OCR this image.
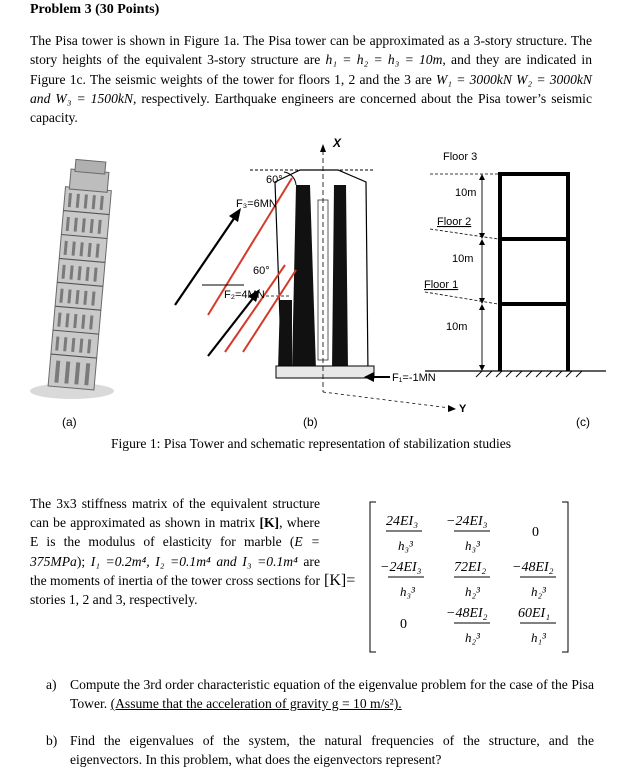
Problem 3 (30 Points)
The Pisa tower is shown in Figure 1a. The Pisa tower can be approximated as a 3-story structure. The story heights of the equivalent 3-story structure are h₁ = h₂ = h₃ = 10m, and they are indicated in Figure 1c. The seismic weights of the tower for floors 1, 2 and the 3 are W₁ = 3000kN W₂ = 3000kN and W₃ = 1500kN, respectively. Earthquake engineers are concerned about the Pisa tower’s seismic capacity.
60°
60°
F₃=6MN
F₂=4MN
F₁=-1MN
X
Y
Floor 3
Floor 2
Floor 1
10m
10m
10m
(a)	(b)	(c)
Figure 1: Pisa Tower and schematic representation of stabilization studies
The 3x3 stiffness matrix of the equivalent structure can be approximated as shown in matrix [K], where E is the modulus of elasticity for marble (E = 375MPa); I₁ =0.2m⁴, I₂ =0.1m⁴ and I₃ =0.1m⁴ are the moments of inertia of the tower cross sections for stories 1, 2 and 3, respectively.
[K]=
24EI₃
h₃³
−24EI₃
h₃³
0
−24EI₃
h₃³
72EI₂
h₂³
−48EI₂
h₂³
0
−48EI₂
h₂³
60EI₁
h₁³
a) Compute the 3rd order characteristic equation of the eigenvalue problem for the case of the Pisa Tower. (Assume that the acceleration of gravity g = 10 m/s²).
b) Find the eigenvalues of the system, the natural frequencies of the structure, and the eigenvectors. In this problem, what does the eigenvectors represent?
